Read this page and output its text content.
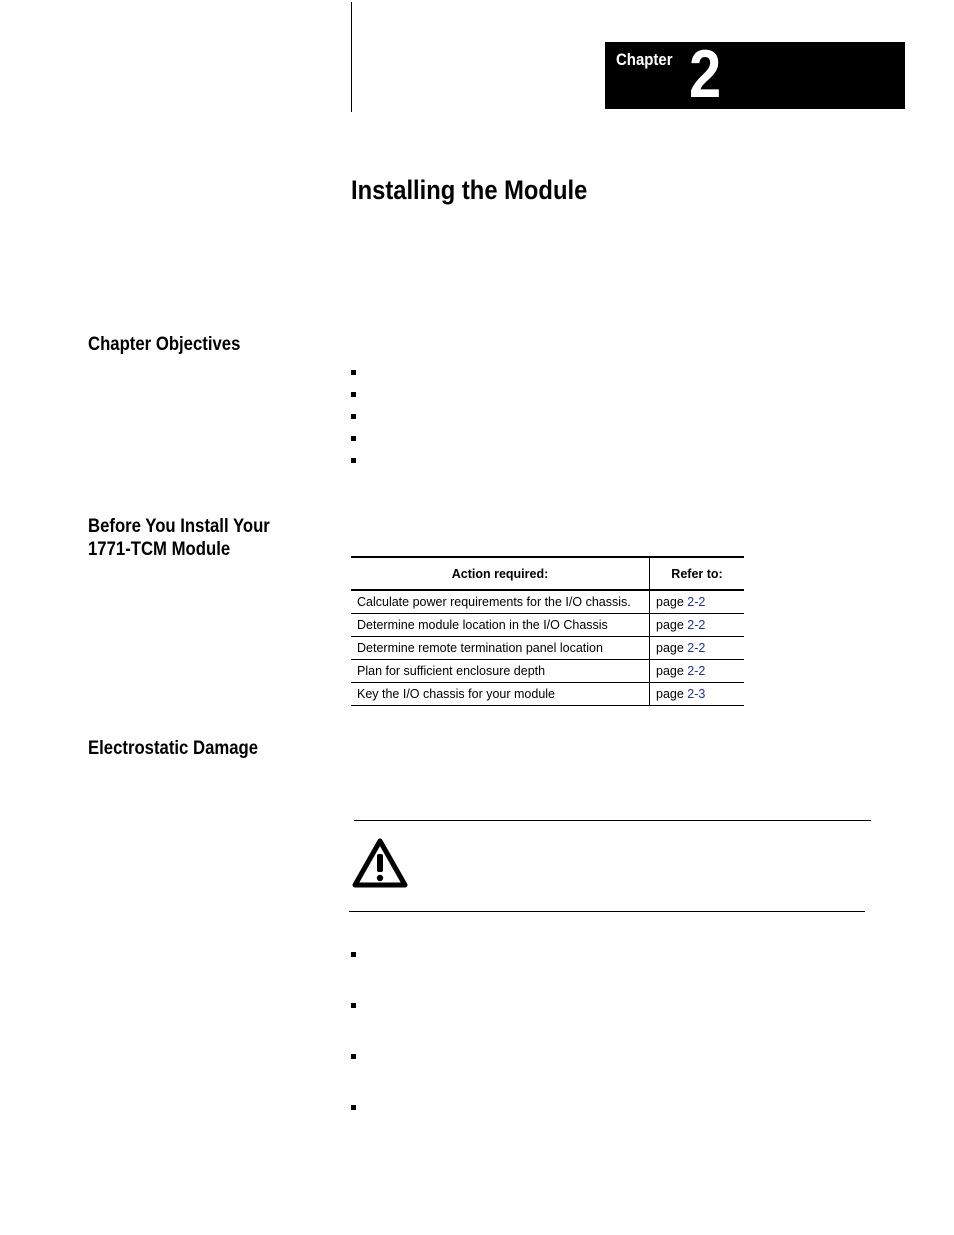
Chapter 2
Installing the Module
Chapter Objectives
Before You Install Your
1771-TCM Module
Electrostatic Damage
Action required:	Refer to:
Calculate power requirements for the I/O chassis.	page 2-2
Determine module location in the I/O Chassis	page 2-2
Determine remote termination panel location	page 2-2
Plan for sufficient enclosure depth	page 2-2
Key the I/O chassis for your module	page 2-3
